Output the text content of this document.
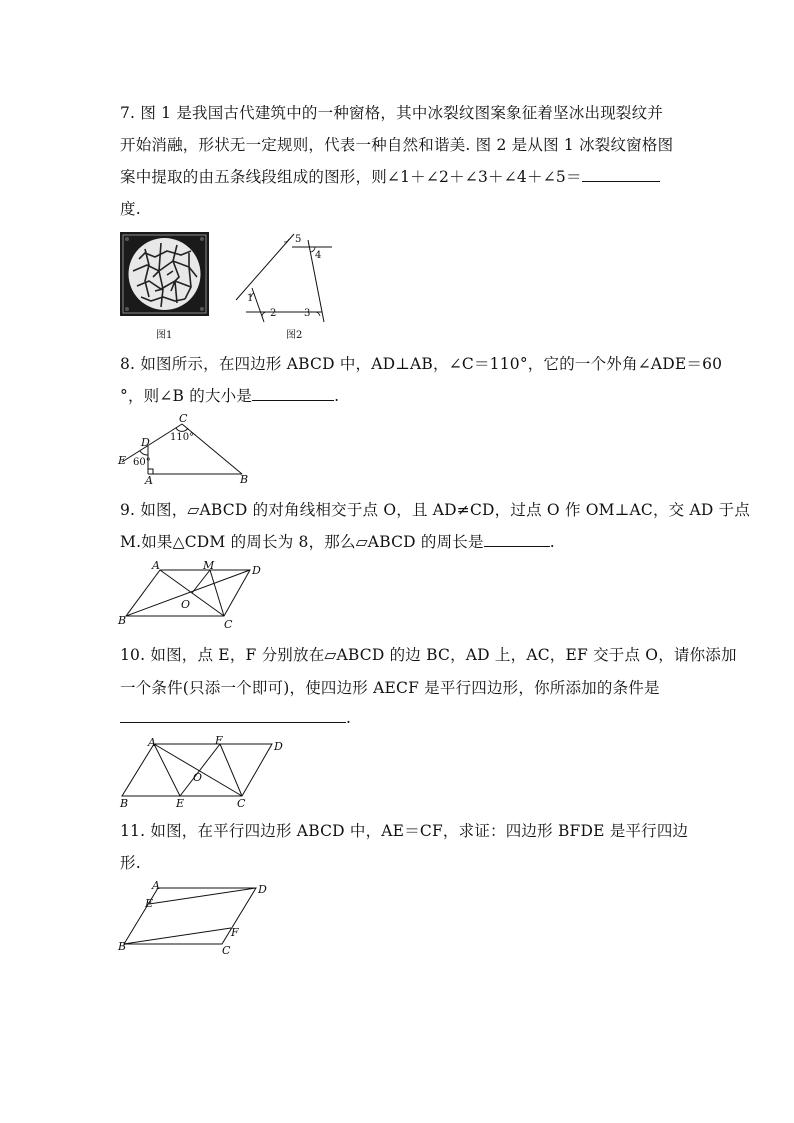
7. 图 1 是我国古代建筑中的一种窗格，其中冰裂纹图案象征着坚冰出现裂纹并
开始消融，形状无一定规则，代表一种自然和谐美. 图 2 是从图 1 冰裂纹窗格图
案中提取的由五条线段组成的图形，则∠1＋∠2＋∠3＋∠4＋∠5＝
度.
图1
5
4
1
2	3
图2
8. 如图所示，在四边形 ABCD 中，AD⊥AB，∠C＝110°，它的一个外角∠ADE＝60
°，则∠B 的大小是	.
C
110°
D
E 60°
A	B
9. 如图，▱ABCD 的对角线相交于点 O，且 AD≠CD，过点 O 作 OM⊥AC，交 AD 于点
M.如果△CDM 的周长为 8，那么▱ABCD 的周长是	.
A	M	D
O
B	C
10. 如图，点 E，F 分别放在▱ABCD 的边 BC，AD 上，AC，EF 交于点 O，请你添加
一个条件(只添一个即可)，使四边形 AECF 是平行四边形，你所添加的条件是
.
A	F	D
O
B	E	C
11. 如图，在平行四边形 ABCD 中，AE＝CF，求证：四边形 BFDE 是平行四边
形.
A
E
D
B
F
C
